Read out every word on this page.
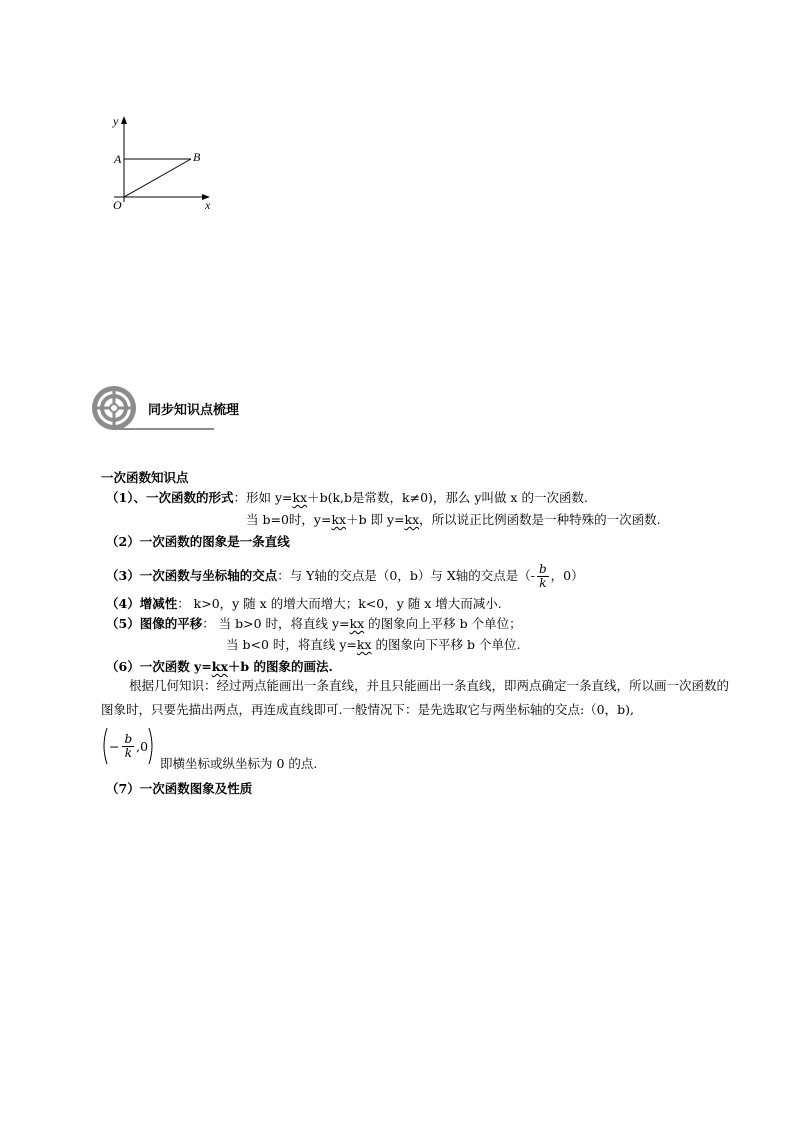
y
A	B
O	x
同步知识点梳理
一次函数知识点
（1）、一次函数的形式：形如 y=kx＋b(k,b是常数，k≠0)，那么 y叫做 x 的一次函数.
当 b=0时，y=kx＋b 即 y=kx，所以说正比例函数是一种特殊的一次函数.
（2）一次函数的图象是一条直线
（3）一次函数与坐标轴的交点：与 Y轴的交点是（0，b）与 X轴的交点是（- $\frac{b}{k}$ ，0）
（4）增减性： k>0，y 随 x 的增大而增大；k<0，y 随 x 增大而减小.
（5）图像的平移： 当 b>0 时，将直线 y=kx 的图象向上平移 b 个单位；
当 b<0 时，将直线 y=kx 的图象向下平移 b 个单位.
（6）一次函数 y=kx＋b 的图象的画法.
根据几何知识：经过两点能画出一条直线，并且只能画出一条直线，即两点确定一条直线，所以画一次函数的图象时，只要先描出两点，再连成直线即可.一般情况下：是先选取它与两坐标轴的交点:（0，b),
− $\frac{b}{k} ,0$
即横坐标或纵坐标为 0 的点.
（7）一次函数图象及性质
